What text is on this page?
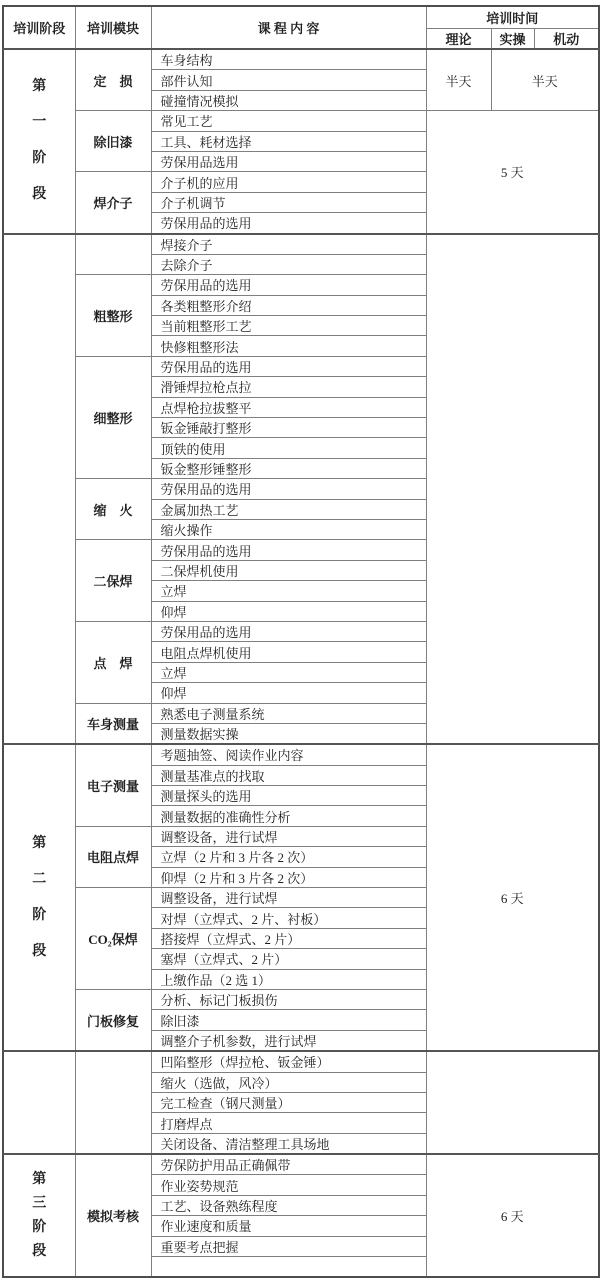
培训阶段	培训模块	课 程 内 容	培训时间		
			理论	实操	机动

第
一
阶
段	定　损	车身结构	半天	半天	
		部件认知			
		碰撞情况模拟			
	除旧漆	常见工艺	5 天		
		工具、耗材选择			
		劳保用品选用			
	焊介子	介子机的应用			
		介子机调节			
		劳保用品的选用			
		焊接介子			
		去除介子			
	粗整形	劳保用品的选用			
		各类粗整形介绍			
		当前粗整形工艺			
		快修粗整形法			
	细整形	劳保用品的选用			
		滑锤焊拉枪点拉			
		点焊枪拉拔整平			
		钣金锤敲打整形			
		顶铁的使用			
		钣金整形锤整形			
	缩　火	劳保用品的选用			
		金属加热工艺			
		缩火操作			
	二保焊	劳保用品的选用			
		二保焊机使用			
		立焊			
		仰焊			
	点　焊	劳保用品的选用			
		电阻点焊机使用			
		立焊			
		仰焊			
	车身测量	熟悉电子测量系统			
		测量数据实操			

第
二
阶
段	电子测量	考题抽签、阅读作业内容	6 天		
		测量基准点的找取			
		测量探头的选用			
		测量数据的准确性分析			
	电阻点焊	调整设备，进行试焊			
		立焊（2 片和 3 片各 2 次）			
		仰焊（2 片和 3 片各 2 次）			
	CO₂保焊	调整设备，进行试焊			
		对焊（立焊式、2 片、衬板）			
		搭接焊（立焊式、2 片）			
		塞焊（立焊式、2 片）			
		上缴作品（2 选 1）			
	门板修复	分析、标记门板损伤			
		除旧漆			
		调整介子机参数，进行试焊			
		凹陷整形（焊拉枪、钣金锤）			
		缩火（选做，风冷）			
		完工检查（钢尺测量）			
		打磨焊点			
		关闭设备、清洁整理工具场地			

第
三
阶
段	模拟考核	劳保防护用品正确佩带	6 天		
		作业姿势规范			
		工艺、设备熟练程度			
		作业速度和质量			
		重要考点把握			
